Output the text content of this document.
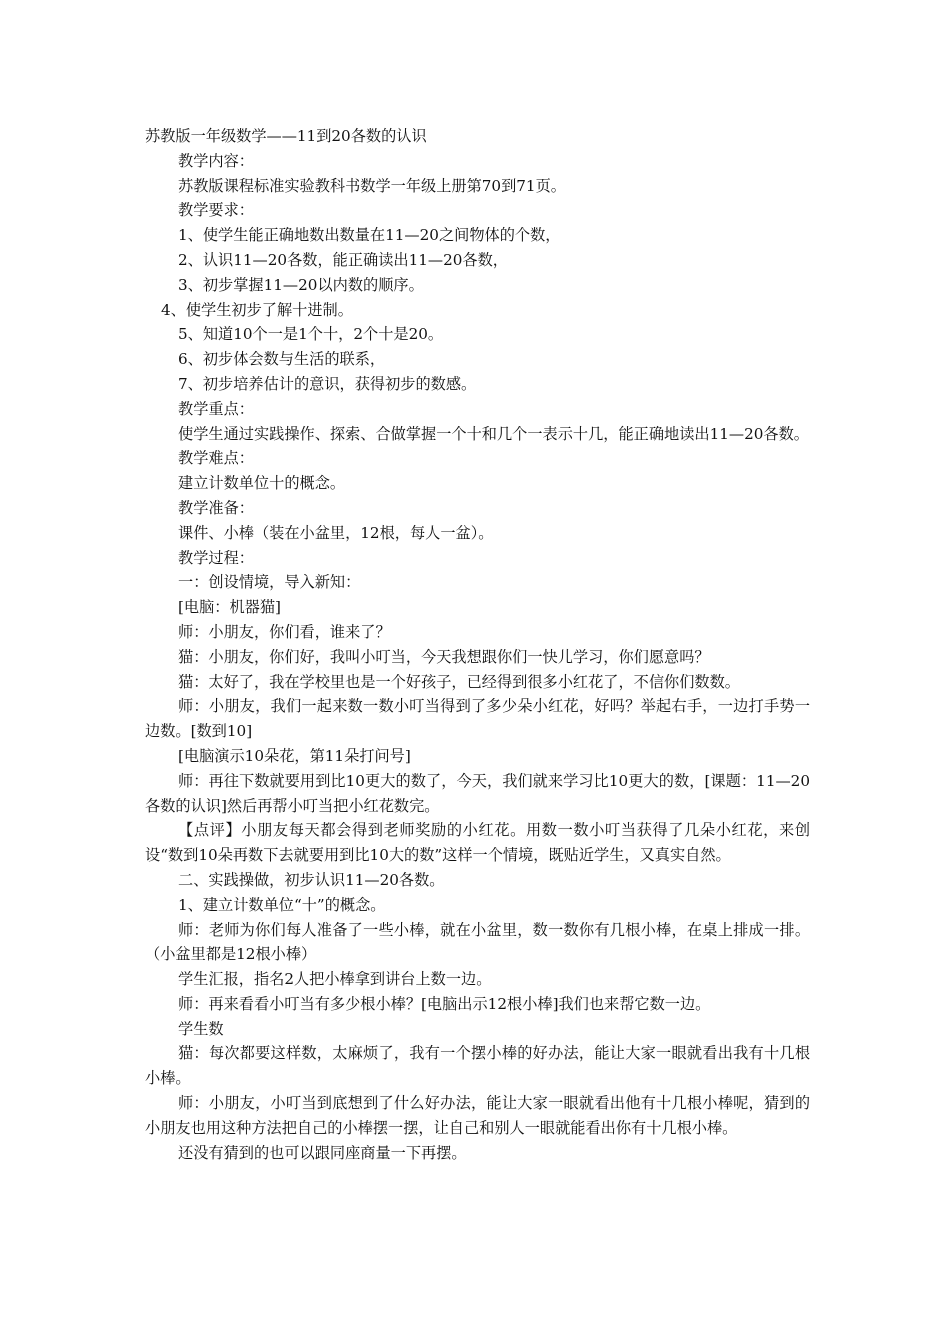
苏教版一年级数学——11到20各数的认识

教学内容：

苏教版课程标准实验教科书数学一年级上册第70到71页。

教学要求：

1、使学生能正确地数出数量在11—20之间物体的个数，

2、认识11—20各数，能正确读出11—20各数，

3、初步掌握11—20以内数的顺序。

4、使学生初步了解十进制。

5、知道10个一是1个十，2个十是20。

6、初步体会数与生活的联系，

7、初步培养估计的意识，获得初步的数感。

教学重点：

使学生通过实践操作、探索、合做掌握一个十和几个一表示十几，能正确地读出11—20各数。

教学难点：

建立计数单位十的概念。

教学准备：

课件、小棒（装在小盆里，12根，每人一盆）。

教学过程：

一：创设情境，导入新知：

[电脑：机器猫]

师：小朋友，你们看，谁来了？

猫：小朋友，你们好，我叫小叮当，今天我想跟你们一快儿学习，你们愿意吗？

猫：太好了，我在学校里也是一个好孩子，已经得到很多小红花了，不信你们数数。

师：小朋友，我们一起来数一数小叮当得到了多少朵小红花，好吗？举起右手，一边打手势一边数。[数到10]

[电脑演示10朵花，第11朵打问号]

师：再往下数就要用到比10更大的数了，今天，我们就来学习比10更大的数，[课题：11—20各数的认识]然后再帮小叮当把小红花数完。

【点评】小朋友每天都会得到老师奖励的小红花。用数一数小叮当获得了几朵小红花，来创设“数到10朵再数下去就要用到比10大的数”这样一个情境，既贴近学生，又真实自然。

二、实践操做，初步认识11—20各数。

1、建立计数单位“十”的概念。

师：老师为你们每人准备了一些小棒，就在小盆里，数一数你有几根小棒，在桌上排成一排。（小盆里都是12根小棒）

学生汇报，指名2人把小棒拿到讲台上数一边。

师：再来看看小叮当有多少根小棒？[电脑出示12根小棒]我们也来帮它数一边。

学生数

猫：每次都要这样数，太麻烦了，我有一个摆小棒的好办法，能让大家一眼就看出我有十几根小棒。

师：小朋友，小叮当到底想到了什么好办法，能让大家一眼就看出他有十几根小棒呢，猜到的小朋友也用这种方法把自己的小棒摆一摆，让自己和别人一眼就能看出你有十几根小棒。

还没有猜到的也可以跟同座商量一下再摆。
